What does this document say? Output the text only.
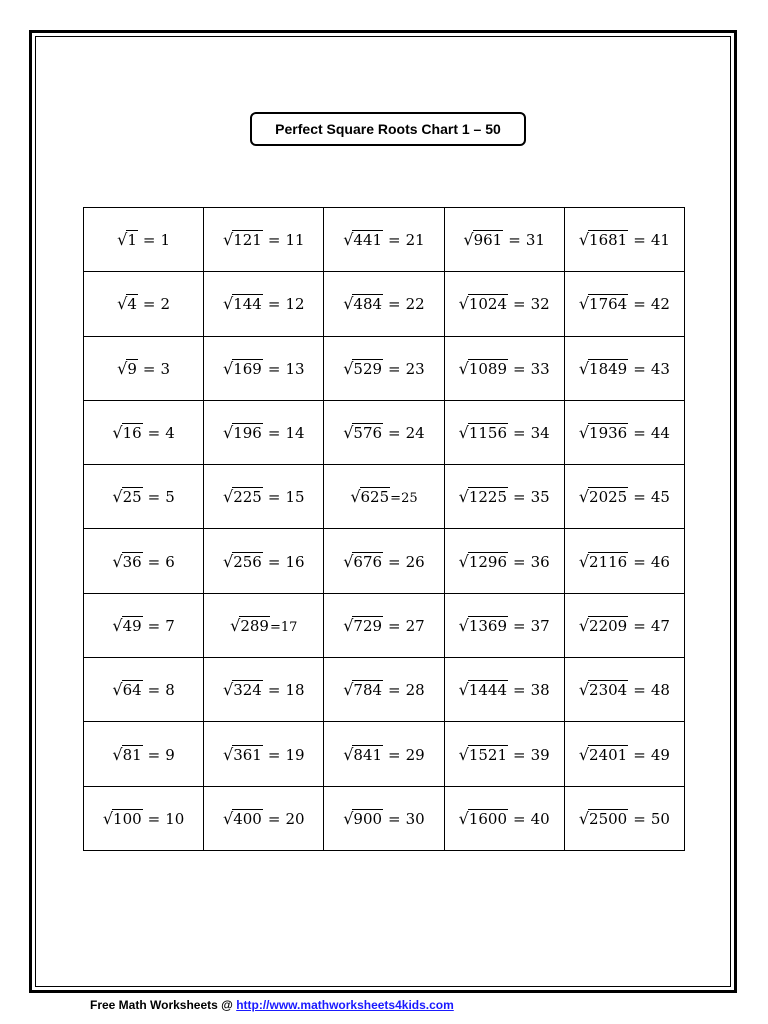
Perfect Square Roots Chart 1 – 50
√1 = 1	√121 = 11	√441 = 21	√961 = 31	√1681 = 41
√4 = 2	√144 = 12	√484 = 22	√1024 = 32	√1764 = 42
√9 = 3	√169 = 13	√529 = 23	√1089 = 33	√1849 = 43
√16 = 4	√196 = 14	√576 = 24	√1156 = 34	√1936 = 44
√25 = 5	√225 = 15	√625=25	√1225 = 35	√2025 = 45
√36 = 6	√256 = 16	√676 = 26	√1296 = 36	√2116 = 46
√49 = 7	√289=17	√729 = 27	√1369 = 37	√2209 = 47
√64 = 8	√324 = 18	√784 = 28	√1444 = 38	√2304 = 48
√81 = 9	√361 = 19	√841 = 29	√1521 = 39	√2401 = 49
√100 = 10	√400 = 20	√900 = 30	√1600 = 40	√2500 = 50
Free Math Worksheets @ http://www.mathworksheets4kids.com
